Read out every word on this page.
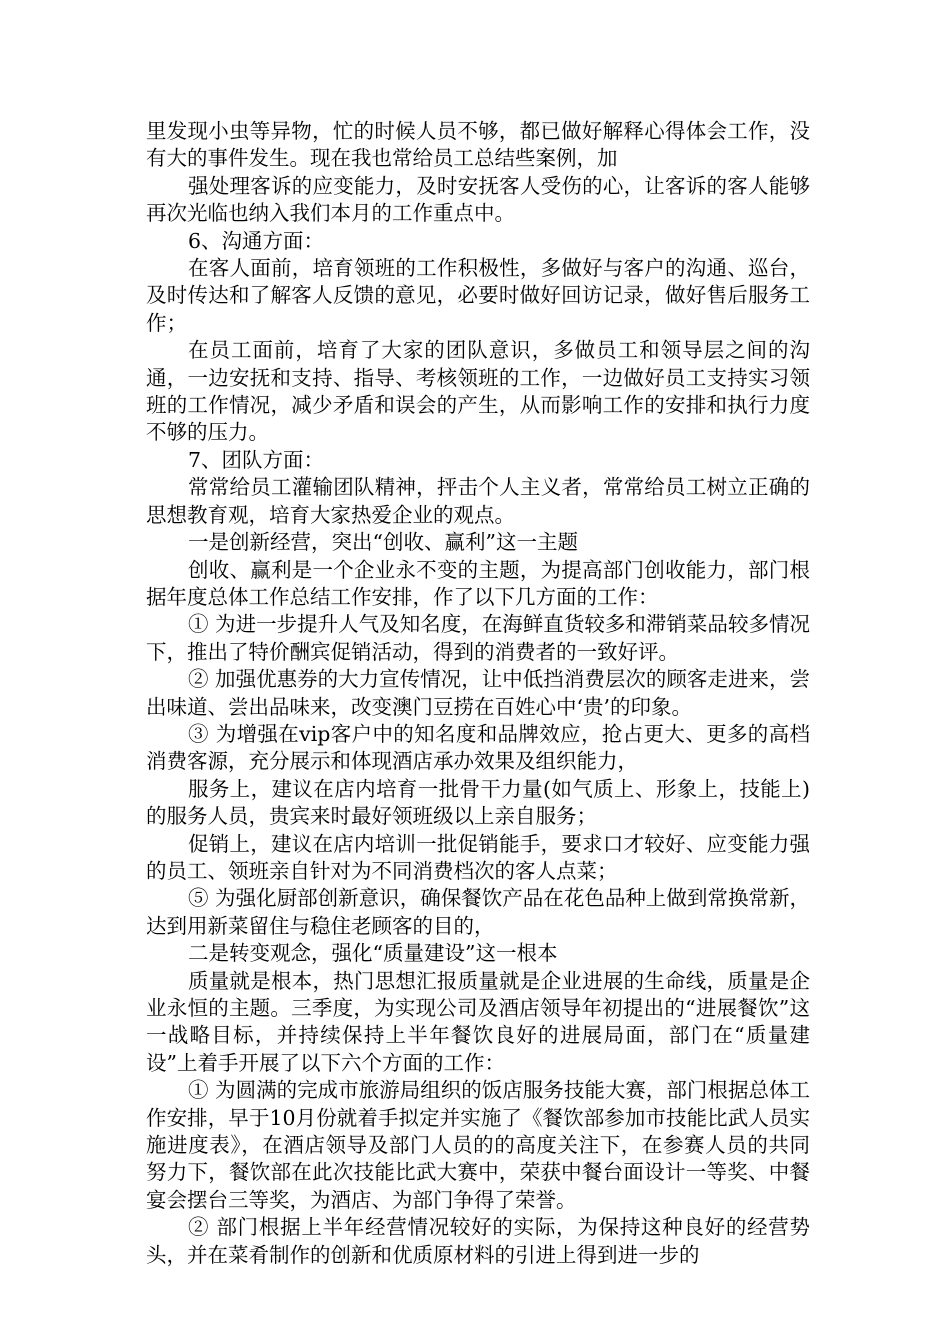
里发现小虫等异物，忙的时候人员不够，都已做好解释心得体会工作，没有大的事件发生。现在我也常给员工总结些案例，加

强处理客诉的应变能力，及时安抚客人受伤的心，让客诉的客人能够再次光临也纳入我们本月的工作重点中。

6、沟通方面：

在客人面前，培育领班的工作积极性，多做好与客户的沟通、巡台，及时传达和了解客人反馈的意见，必要时做好回访记录，做好售后服务工作；

在员工面前，培育了大家的团队意识，多做员工和领导层之间的沟通，一边安抚和支持、指导、考核领班的工作，一边做好员工支持实习领班的工作情况，减少矛盾和误会的产生，从而影响工作的安排和执行力度不够的压力。

7、团队方面：

常常给员工灌输团队精神，抨击个人主义者，常常给员工树立正确的思想教育观，培育大家热爱企业的观点。

一是创新经营，突出“创收、赢利”这一主题

创收、赢利是一个企业永不变的主题，为提高部门创收能力，部门根据年度总体工作总结工作安排，作了以下几方面的工作：

① 为进一步提升人气及知名度，在海鲜直货较多和滞销菜品较多情况下，推出了特价酬宾促销活动，得到的消费者的一致好评。

② 加强优惠券的大力宣传情况，让中低挡消费层次的顾客走进来，尝出味道、尝出品味来，改变澳门豆捞在百姓心中‘贵’的印象。

③ 为增强在vip客户中的知名度和品牌效应，抢占更大、更多的高档消费客源，充分展示和体现酒店承办效果及组织能力，

服务上，建议在店内培育一批骨干力量(如气质上、形象上，技能上)的服务人员，贵宾来时最好领班级以上亲自服务；

促销上，建议在店内培训一批促销能手，要求口才较好、应变能力强的员工、领班亲自针对为不同消费档次的客人点菜；

⑤ 为强化厨部创新意识，确保餐饮产品在花色品种上做到常换常新，达到用新菜留住与稳住老顾客的目的，

二是转变观念，强化“质量建设”这一根本

质量就是根本，热门思想汇报质量就是企业进展的生命线，质量是企业永恒的主题。三季度，为实现公司及酒店领导年初提出的“进展餐饮”这一战略目标，并持续保持上半年餐饮良好的进展局面，部门在“质量建设”上着手开展了以下六个方面的工作：

① 为圆满的完成市旅游局组织的饭店服务技能大赛，部门根据总体工作安排，早于10月份就着手拟定并实施了《餐饮部参加市技能比武人员实施进度表》，在酒店领导及部门人员的的高度关注下，在参赛人员的共同努力下，餐饮部在此次技能比武大赛中，荣获中餐台面设计一等奖、中餐宴会摆台三等奖，为酒店、为部门争得了荣誉。

② 部门根据上半年经营情况较好的实际，为保持这种良好的经营势头，并在菜肴制作的创新和优质原材料的引进上得到进一步的
